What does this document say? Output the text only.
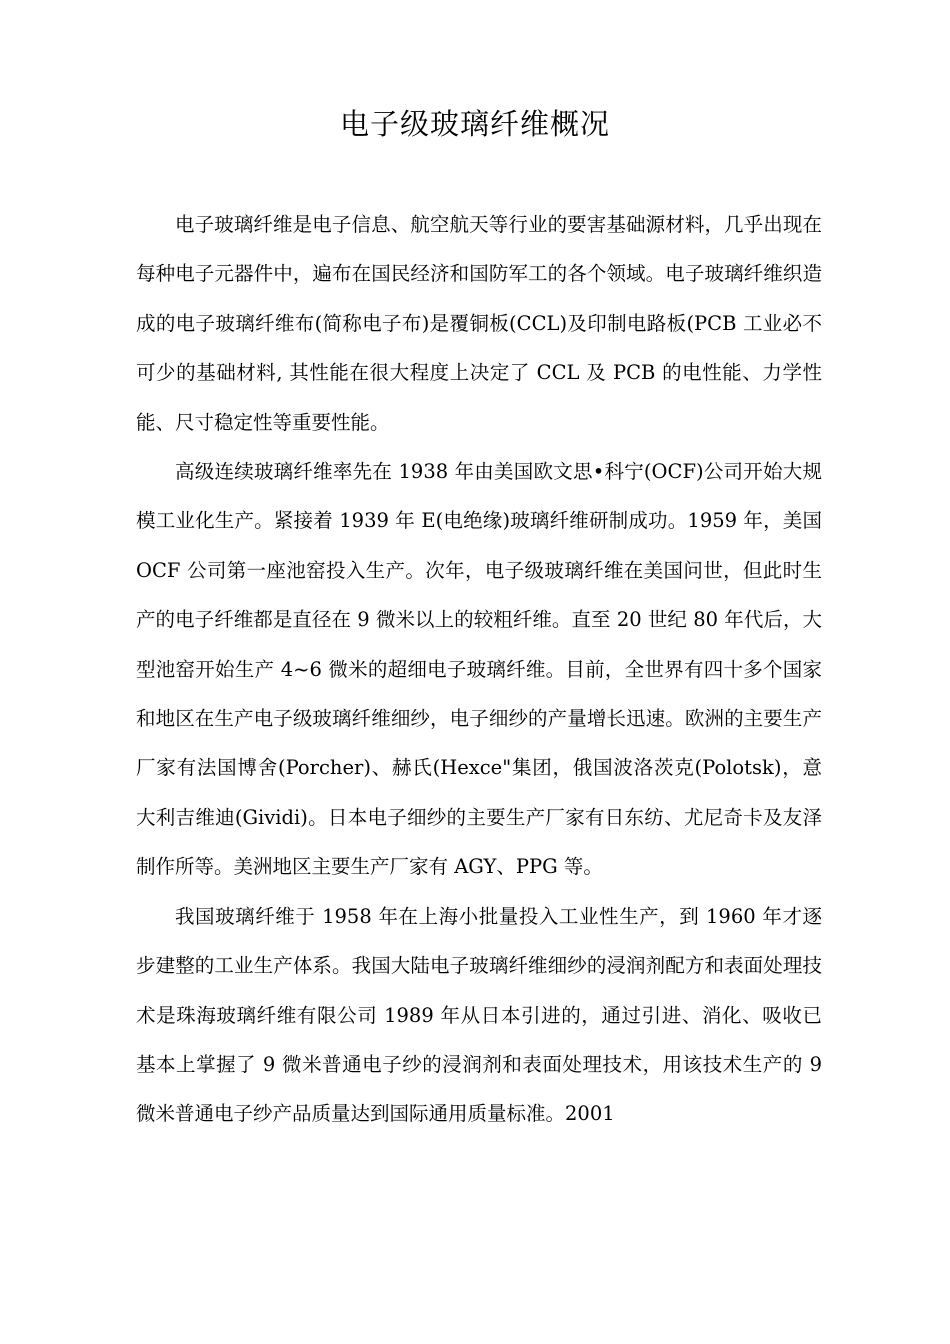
电子级玻璃纤维概况

电子玻璃纤维是电子信息、航空航天等行业的要害基础源材料，几乎出现在每种电子元器件中，遍布在国民经济和国防军工的各个领域。电子玻璃纤维织造成的电子玻璃纤维布(简称电子布)是覆铜板(CCL)及印制电路板(PCB 工业必不可少的基础材料, 其性能在很大程度上决定了 CCL 及 PCB 的电性能、力学性能、尺寸稳定性等重要性能。

高级连续玻璃纤维率先在 1938 年由美国欧文思•科宁(OCF)公司开始大规模工业化生产。紧接着 1939 年 E(电绝缘)玻璃纤维研制成功。1959 年，美国 OCF 公司第一座池窑投入生产。次年，电子级玻璃纤维在美国问世，但此时生产的电子纤维都是直径在 9 微米以上的较粗纤维。直至 20 世纪 80 年代后，大型池窑开始生产 4~6 微米的超细电子玻璃纤维。目前，全世界有四十多个国家和地区在生产电子级玻璃纤维细纱，电子细纱的产量增长迅速。欧洲的主要生产厂家有法国博舍(Porcher)、赫氏(Hexce"集团，俄国波洛茨克(Polotsk)，意大利吉维迪(Gividi)。日本电子细纱的主要生产厂家有日东纺、尤尼奇卡及友泽制作所等。美洲地区主要生产厂家有 AGY、PPG 等。

我国玻璃纤维于 1958 年在上海小批量投入工业性生产，到 1960 年才逐步建整的工业生产体系。我国大陆电子玻璃纤维细纱的浸润剂配方和表面处理技术是珠海玻璃纤维有限公司 1989 年从日本引进的，通过引进、消化、吸收已基本上掌握了 9 微米普通电子纱的浸润剂和表面处理技术，用该技术生产的 9 微米普通电子纱产品质量达到国际通用质量标准。2001
